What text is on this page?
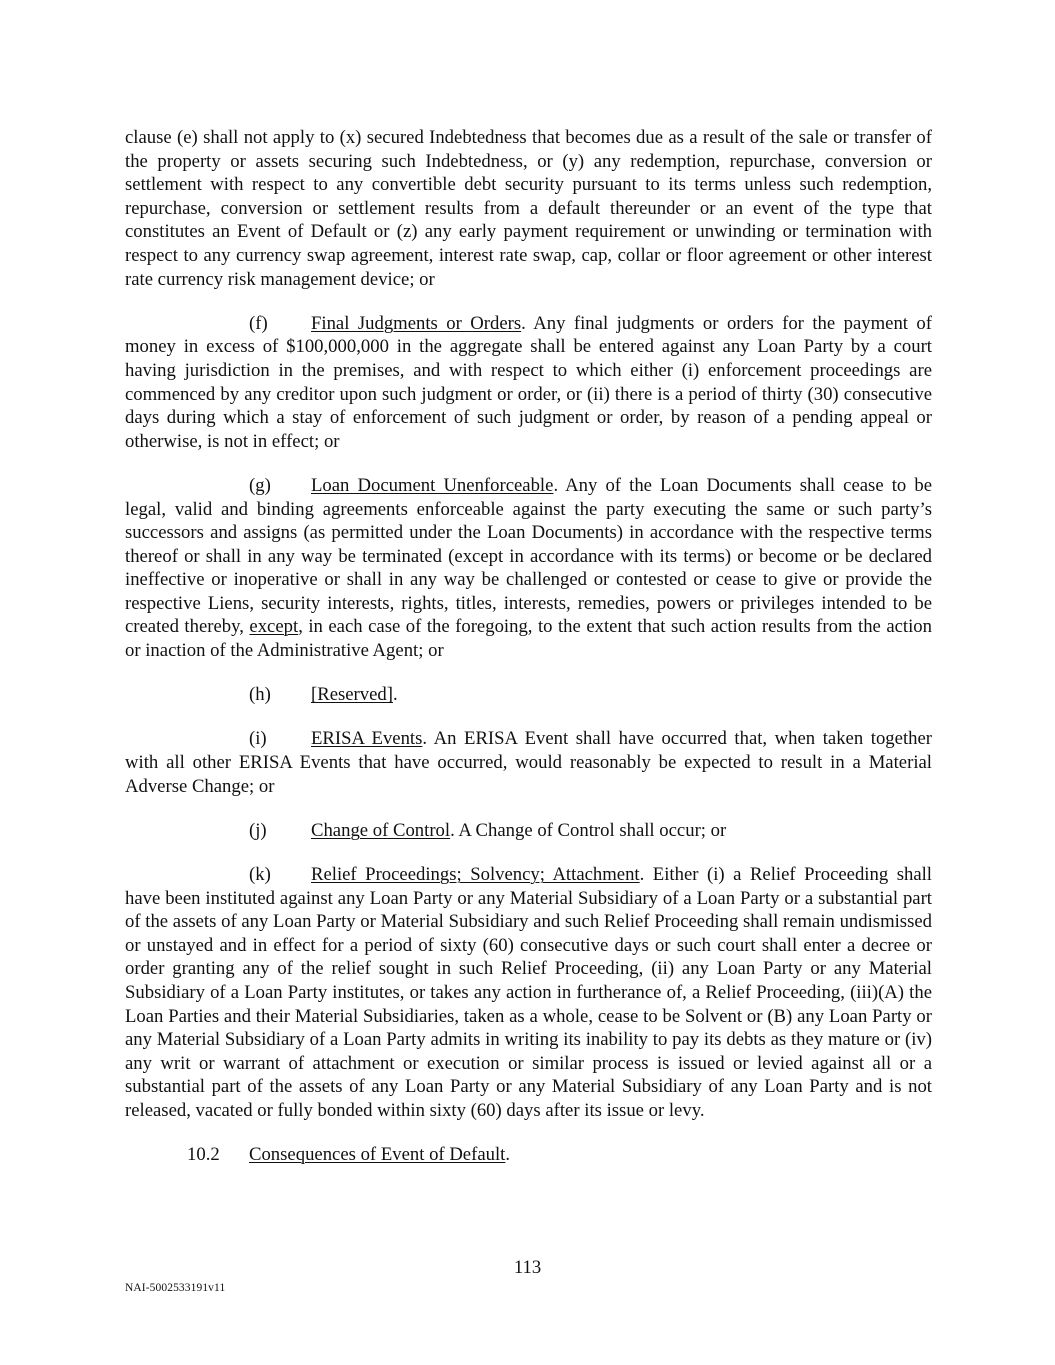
clause (e) shall not apply to (x) secured Indebtedness that becomes due as a result of the sale or transfer of the property or assets securing such Indebtedness, or (y) any redemption, repurchase, conversion or settlement with respect to any convertible debt security pursuant to its terms unless such redemption, repurchase, conversion or settlement results from a default thereunder or an event of the type that constitutes an Event of Default or (z) any early payment requirement or unwinding or termination with respect to any currency swap agreement, interest rate swap, cap, collar or floor agreement or other interest rate currency risk management device; or

(f) Final Judgments or Orders. Any final judgments or orders for the payment of money in excess of $100,000,000 in the aggregate shall be entered against any Loan Party by a court having jurisdiction in the premises, and with respect to which either (i) enforcement proceedings are commenced by any creditor upon such judgment or order, or (ii) there is a period of thirty (30) consecutive days during which a stay of enforcement of such judgment or order, by reason of a pending appeal or otherwise, is not in effect; or

(g) Loan Document Unenforceable. Any of the Loan Documents shall cease to be legal, valid and binding agreements enforceable against the party executing the same or such party’s successors and assigns (as permitted under the Loan Documents) in accordance with the respective terms thereof or shall in any way be terminated (except in accordance with its terms) or become or be declared ineffective or inoperative or shall in any way be challenged or contested or cease to give or provide the respective Liens, security interests, rights, titles, interests, remedies, powers or privileges intended to be created thereby, except, in each case of the foregoing, to the extent that such action results from the action or inaction of the Administrative Agent; or

(h) [Reserved].

(i) ERISA Events. An ERISA Event shall have occurred that, when taken together with all other ERISA Events that have occurred, would reasonably be expected to result in a Material Adverse Change; or

(j) Change of Control. A Change of Control shall occur; or

(k) Relief Proceedings; Solvency; Attachment. Either (i) a Relief Proceeding shall have been instituted against any Loan Party or any Material Subsidiary of a Loan Party or a substantial part of the assets of any Loan Party or Material Subsidiary and such Relief Proceeding shall remain undismissed or unstayed and in effect for a period of sixty (60) consecutive days or such court shall enter a decree or order granting any of the relief sought in such Relief Proceeding, (ii) any Loan Party or any Material Subsidiary of a Loan Party institutes, or takes any action in furtherance of, a Relief Proceeding, (iii)(A) the Loan Parties and their Material Subsidiaries, taken as a whole, cease to be Solvent or (B) any Loan Party or any Material Subsidiary of a Loan Party admits in writing its inability to pay its debts as they mature or (iv) any writ or warrant of attachment or execution or similar process is issued or levied against all or a substantial part of the assets of any Loan Party or any Material Subsidiary of any Loan Party and is not released, vacated or fully bonded within sixty (60) days after its issue or levy.

10.2 Consequences of Event of Default.

113
NAI-5002533191v11
